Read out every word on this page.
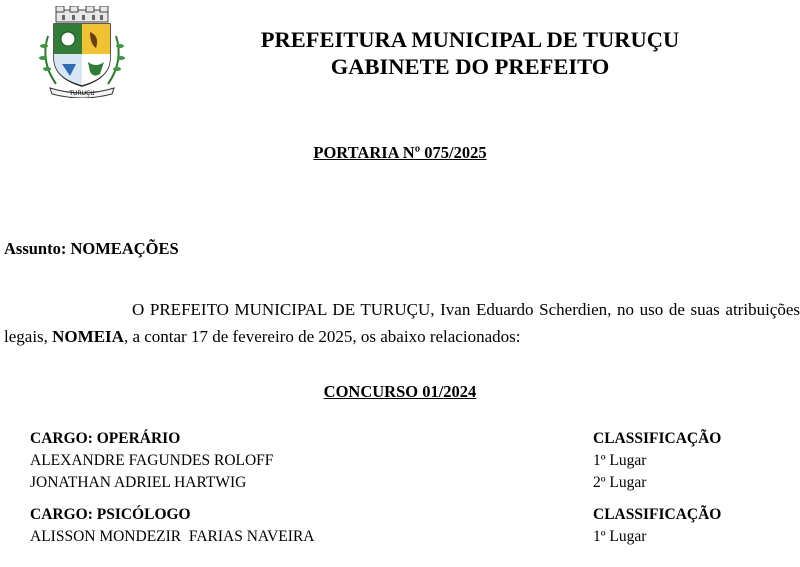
TURUÇU
PREFEITURA MUNICIPAL DE TURUÇU
GABINETE DO PREFEITO
PORTARIA Nº 075/2025
Assunto: NOMEAÇÕES
O PREFEITO MUNICIPAL DE TURUÇU, Ivan Eduardo Scherdien, no uso de suas atribuições legais, NOMEIA, a contar 17 de fevereiro de 2025, os abaixo relacionados:
CONCURSO 01/2024
CARGO: OPERÁRIO	CLASSIFICAÇÃO
ALEXANDRE FAGUNDES ROLOFF	1º Lugar
JONATHAN ADRIEL HARTWIG	2º Lugar
CARGO: PSICÓLOGO	CLASSIFICAÇÃO
ALISSON MONDEZIR  FARIAS NAVEIRA	1º Lugar
